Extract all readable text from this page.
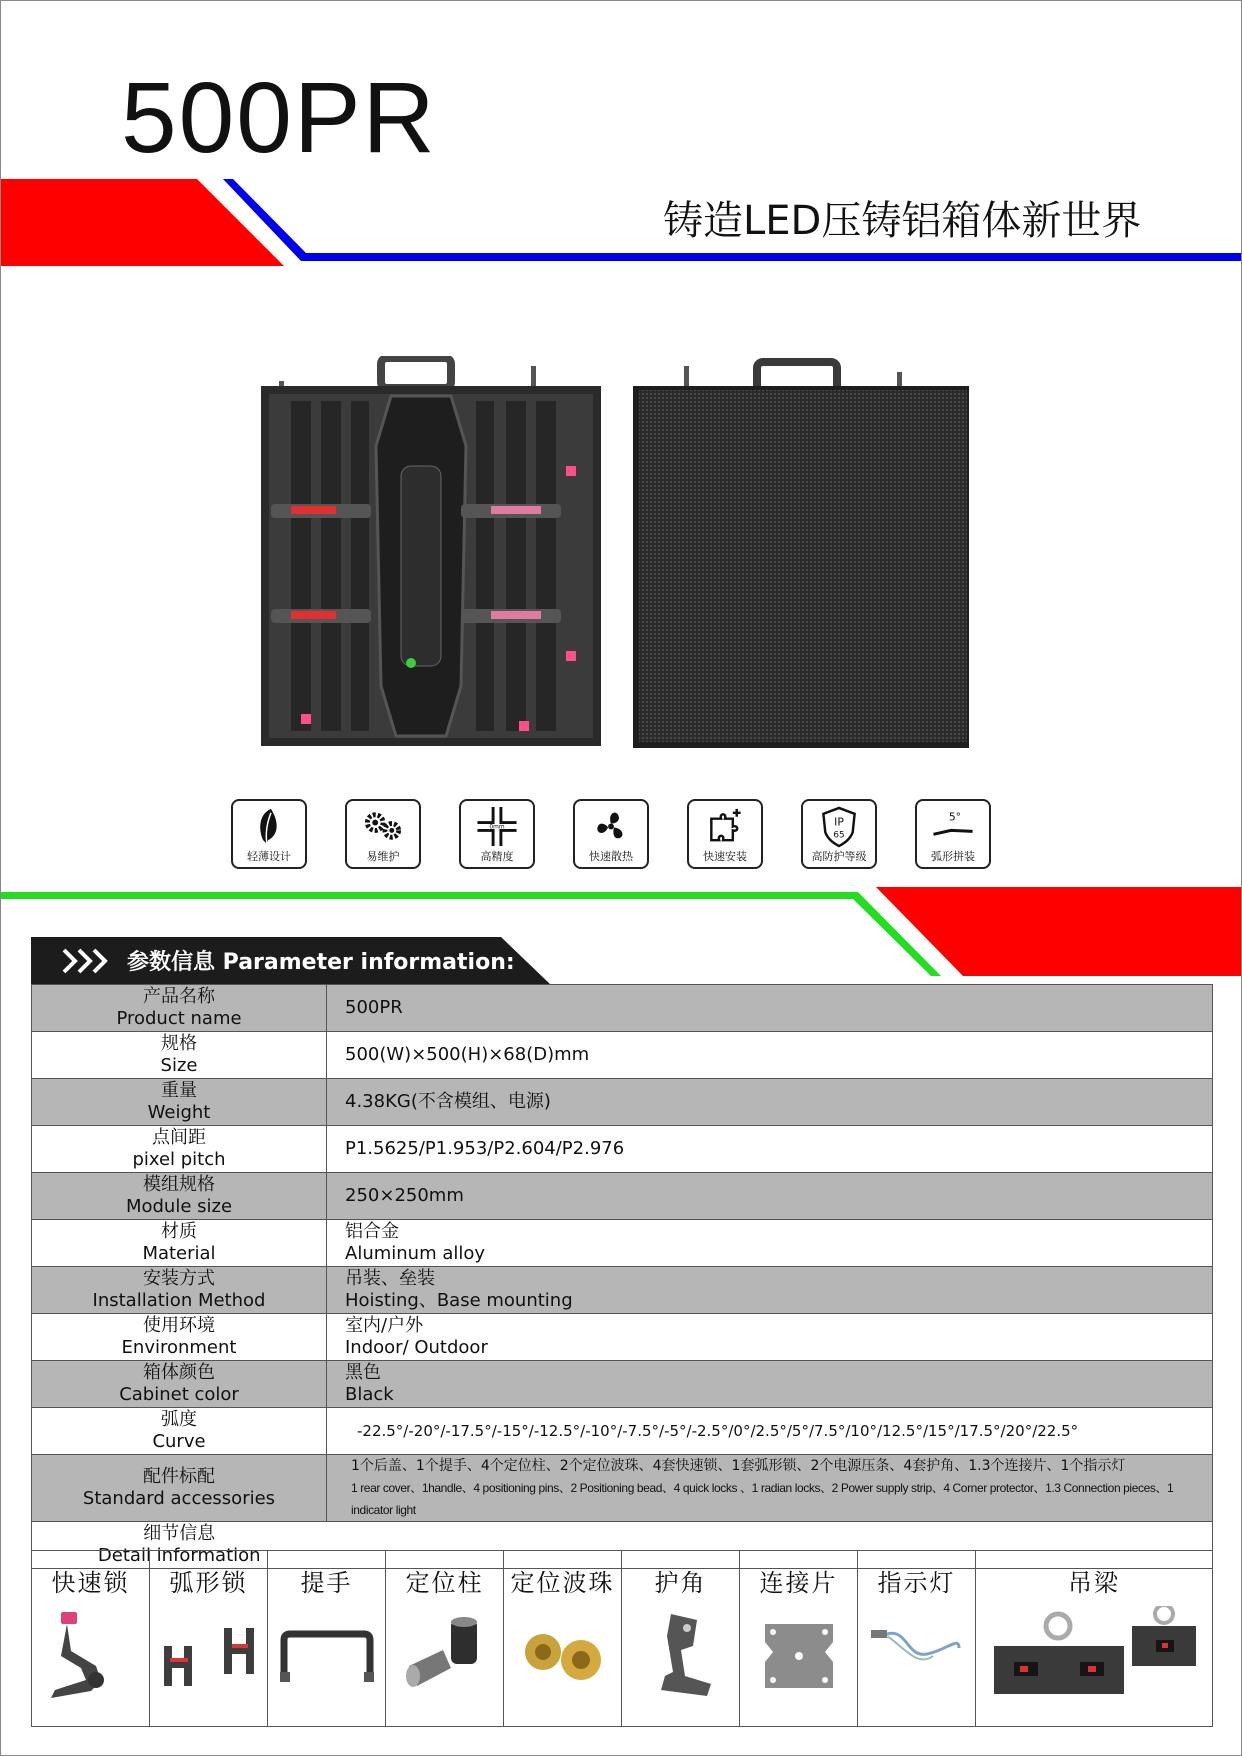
500PR
铸造LED压铸铝箱体新世界
轻薄设计	易维护
0mm
高精度	快速散热	快速安装
IP
65
高防护等级
5°
弧形拼装
参数信息 Parameter information:
产品名称
Product name	500PR
规格
Size	500(W)×500(H)×68(D)mm
重量
Weight	4.38KG(不含模组、电源)
点间距
pixel pitch	P1.5625/P1.953/P2.604/P2.976
模组规格
Module size	250×250mm
材质
Material	铝合金
Aluminum alloy
安装方式
Installation Method	吊装、垒装
Hoisting、Base mounting
使用环境
Environment	室内/户外
Indoor/ Outdoor
箱体颜色
Cabinet color	黑色
Black
弧度
Curve	-22.5°/-20°/-17.5°/-15°/-12.5°/-10°/-7.5°/-5°/-2.5°/0°/2.5°/5°/7.5°/10°/12.5°/15°/17.5°/20°/22.5°
配件标配
Standard accessories	1个后盖、1个提手、4个定位柱、2个定位波珠、4套快速锁、1套弧形锁、2个电源压条、4套护角、1.3个连接片、1个指示灯
1 rear cover、1handle、4 positioning pins、2 Positioning bead、4 quick locks 、1 radian locks、2 Power supply strip、4 Corner protector、1.3 Connection pieces、1 indicator light

细节信息
Detail information	
快速锁 弧形锁 提手 定位柱 定位波珠 护角 连接片 指示灯	吊梁
